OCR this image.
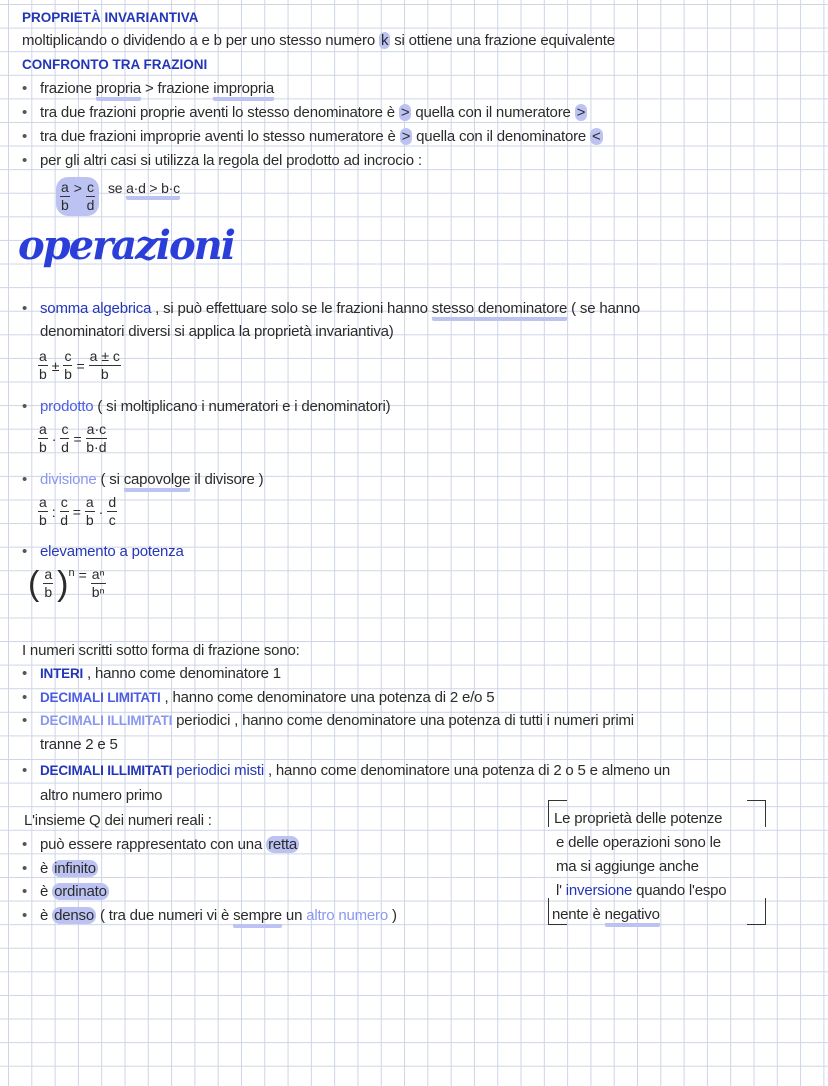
PROPRIETÀ INVARIANTIVA
moltiplicando o dividendo a e b per uno stesso numero k si ottiene una frazione equivalente
CONFRONTO TRA FRAZIONI
• frazione propria > frazione impropria
• tra due frazioni proprie aventi lo stesso denominatore è > quella con il numeratore >
• tra due frazioni improprie aventi lo stesso numeratore è > quella con il denominatore <
• per gli altri casi si utilizza la regola del prodotto ad incrocio :
$\frac{a}{b} > \frac{c}{d}$ se a·d > b·c
operazioni
• somma algebrica , si può effettuare solo se le frazioni hanno stesso denominatore ( se hanno
denominatori diversi si applica la proprietà invariantiva)
$\frac{a}{b} \pm \frac{c}{b} = \frac{a \pm c}{b}$
• prodotto ( si moltiplicano i numeratori e i denominatori)
$\frac{a}{b} \cdot \frac{c}{d} = \frac{a\cdot c}{b\cdot d}$
• divisione ( si capovolge il divisore )
$\frac{a}{b}$ : $\frac{c}{d} = \frac{a}{b} \cdot \frac{d}{c}$
• elevamento a potenza
( $\frac{a}{b}$ ) $n = \frac{\text{aⁿ}}{\text{bⁿ}}$
I numeri scritti sotto forma di frazione sono:
• INTERI , hanno come denominatore 1
• DECIMALI LIMITATI , hanno come denominatore una potenza di 2 e/o 5
• DECIMALI ILLIMITATI periodici , hanno come denominatore una potenza di tutti i numeri primi
tranne 2 e 5
• DECIMALI ILLIMITATI periodici misti , hanno come denominatore una potenza di 2 o 5 e almeno un
altro numero primo
L'insieme Q dei numeri reali :
• può essere rappresentato con una retta
• è infinito
• è ordinato
• è denso ( tra due numeri vi è sempre un altro numero )
Le proprietà delle potenze
e delle operazioni sono le
ma si aggiunge anche
l' inversione quando l'espo
nente è negativo
